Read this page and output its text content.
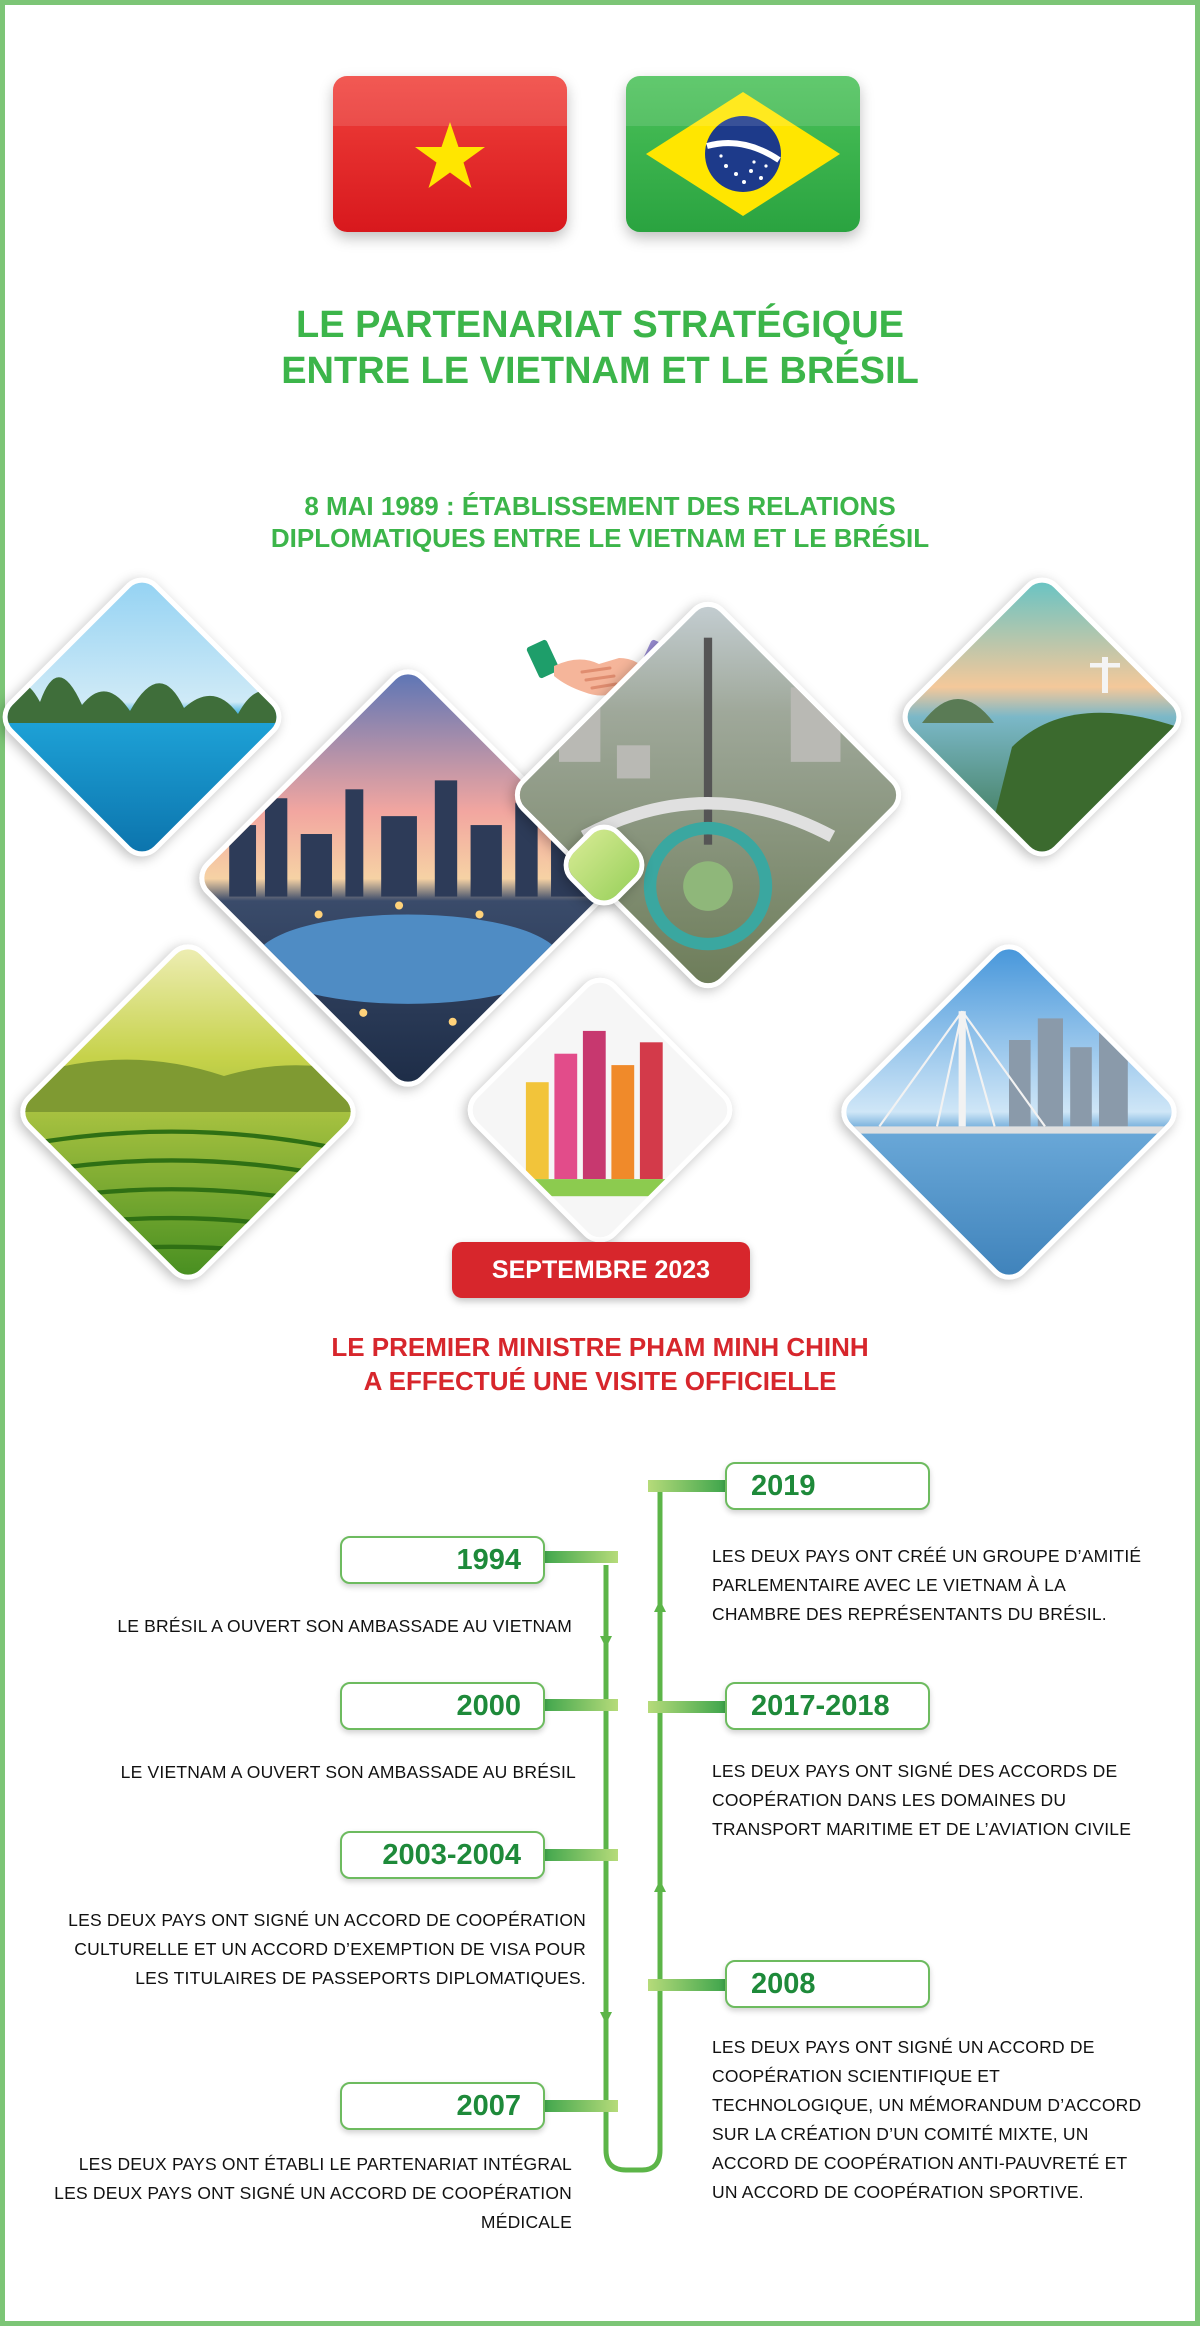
LE PARTENARIAT STRATÉGIQUE
ENTRE LE VIETNAM ET LE BRÉSIL
8 MAI 1989 : ÉTABLISSEMENT DES RELATIONS
DIPLOMATIQUES ENTRE LE VIETNAM ET LE BRÉSIL
SEPTEMBRE 2023
LE PREMIER MINISTRE PHAM MINH CHINH
A EFFECTUÉ UNE VISITE OFFICIELLE
1994
LE BRÉSIL A OUVERT SON AMBASSADE AU VIETNAM
2000
LE VIETNAM A OUVERT SON AMBASSADE AU BRÉSIL
2003-2004
LES DEUX PAYS ONT SIGNÉ UN ACCORD DE COOPÉRATION
CULTURELLE ET UN ACCORD D’EXEMPTION DE VISA POUR
LES TITULAIRES DE PASSEPORTS DIPLOMATIQUES.
2007
LES DEUX PAYS ONT ÉTABLI LE PARTENARIAT INTÉGRAL
LES DEUX PAYS ONT SIGNÉ UN ACCORD DE COOPÉRATION
MÉDICALE
2019
LES DEUX PAYS ONT CRÉÉ UN GROUPE D’AMITIÉ
PARLEMENTAIRE AVEC LE VIETNAM À LA
CHAMBRE DES REPRÉSENTANTS DU BRÉSIL.
2017-2018
LES DEUX PAYS ONT SIGNÉ DES ACCORDS DE
COOPÉRATION DANS LES DOMAINES DU
TRANSPORT MARITIME ET DE L’AVIATION CIVILE
2008
LES DEUX PAYS ONT SIGNÉ UN ACCORD DE
COOPÉRATION SCIENTIFIQUE ET
TECHNOLOGIQUE, UN MÉMORANDUM D’ACCORD
SUR LA CRÉATION D’UN COMITÉ MIXTE, UN
ACCORD DE COOPÉRATION ANTI-PAUVRETÉ ET
UN ACCORD DE COOPÉRATION SPORTIVE.
